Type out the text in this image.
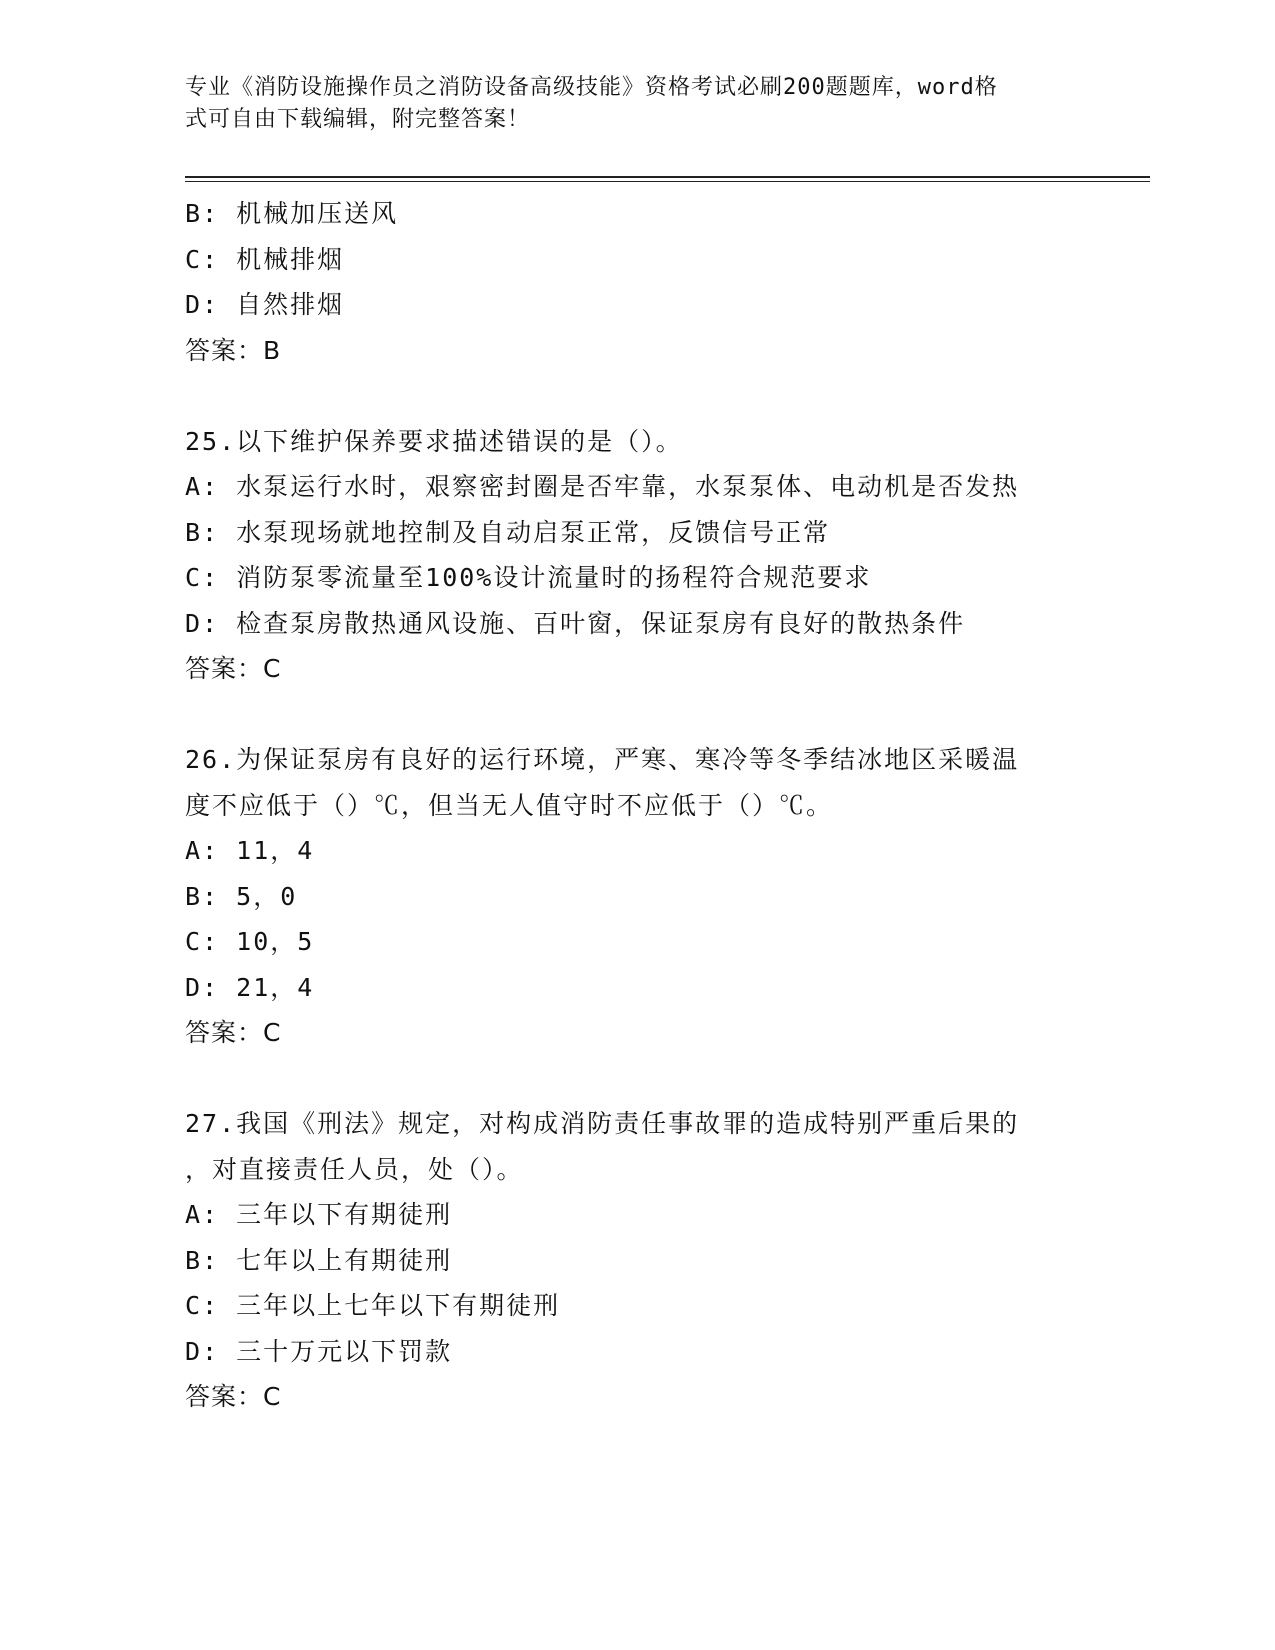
专业《消防设施操作员之消防设备高级技能》资格考试必刷200题题库，word格
式可自由下载编辑，附完整答案！
B: 机械加压送风
C: 机械排烟
D: 自然排烟
答案：B
25.以下维护保养要求描述错误的是（）。
A: 水泵运行水时，艰察密封圈是否牢靠，水泵泵体、电动机是否发热
B: 水泵现场就地控制及自动启泵正常，反馈信号正常
C: 消防泵零流量至100%设计流量时的扬程符合规范要求
D: 检查泵房散热通风设施、百叶窗，保证泵房有良好的散热条件
答案：C
26.为保证泵房有良好的运行环境，严寒、寒冷等冬季结冰地区采暖温
度不应低于（）℃，但当无人值守时不应低于（）℃。
A: 11，4
B: 5，0
C: 10，5
D: 21，4
答案：C
27.我国《刑法》规定，对构成消防责任事故罪的造成特别严重后果的
，对直接责任人员，处（）。
A: 三年以下有期徒刑
B: 七年以上有期徒刑
C: 三年以上七年以下有期徒刑
D: 三十万元以下罚款
答案：C
